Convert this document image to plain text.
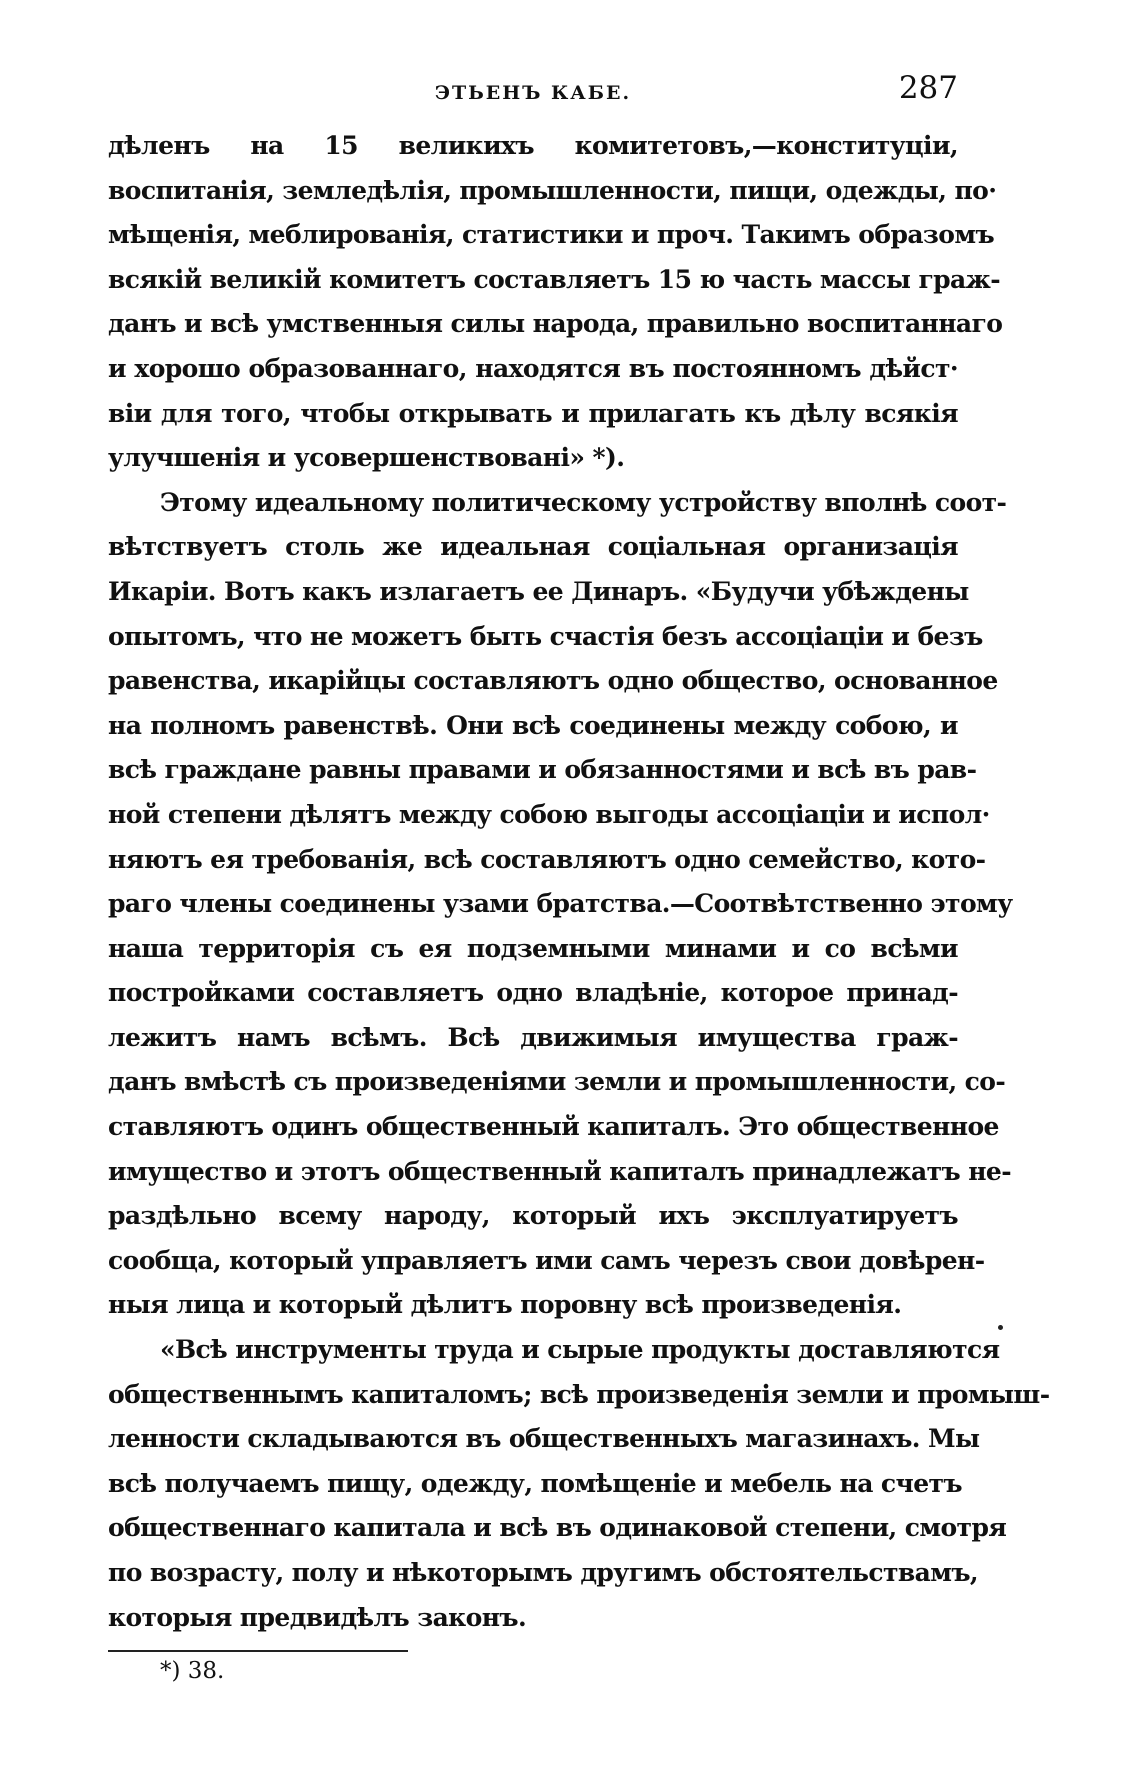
ЭТЬЕНЪ КАБЕ.	287
дѣленъ на 15 великихъ комитетовъ,—конституціи,
воспитанія, земледѣлія, промышленности, пищи, одежды, по·
мѣщенія, меблированія, статистики и проч. Такимъ образомъ
всякій великій комитетъ составляетъ 15 ю часть массы граж-
данъ и всѣ умственныя силы народа, правильно воспитаннаго
и хорошо образованнаго, находятся въ постоянномъ дѣйст·
віи для того, чтобы открывать и прилагать къ дѣлу всякія
улучшенія и усовершенствовані» *).
Этому идеальному политическому устройству вполнѣ соот-
вѣтствуетъ столь же идеальная соціальная организація
Икаріи. Вотъ какъ излагаетъ ее Динаръ. «Будучи убѣждены
опытомъ, что не можетъ быть счастія безъ ассоціаціи и безъ
равенства, икарійцы составляютъ одно общество, основанное
на полномъ равенствѣ. Они всѣ соединены между собою, и
всѣ граждане равны правами и обязанностями и всѣ въ рав-
ной степени дѣлятъ между собою выгоды ассоціаціи и испол·
няютъ ея требованія, всѣ составляютъ одно семейство, кото-
раго члены соединены узами братства.—Соотвѣтственно этому
наша территорія съ ея подземными минами и со всѣми
постройками составляетъ одно владѣніе, которое принад-
лежитъ намъ всѣмъ. Всѣ движимыя имущества граж-
данъ вмѣстѣ съ произведеніями земли и промышленности, со-
ставляютъ одинъ общественный капиталъ. Это общественное
имущество и этотъ общественный капиталъ принадлежатъ не-
раздѣльно всему народу, который ихъ эксплуатируетъ
сообща, который управляетъ ими самъ черезъ свои довѣрен-
ныя лица и который дѣлитъ поровну всѣ произведенія.
«Всѣ инструменты труда и сырые продукты доставляются
общественнымъ капиталомъ; всѣ произведенія земли и промыш-
ленности складываются въ общественныхъ магазинахъ. Мы
всѣ получаемъ пищу, одежду, помѣщеніе и мебель на счетъ
общественнаго капитала и всѣ въ одинаковой степени, смотря
по возрасту, полу и нѣкоторымъ другимъ обстоятельствамъ,
которыя предвидѣлъ законъ.
*) 38.
